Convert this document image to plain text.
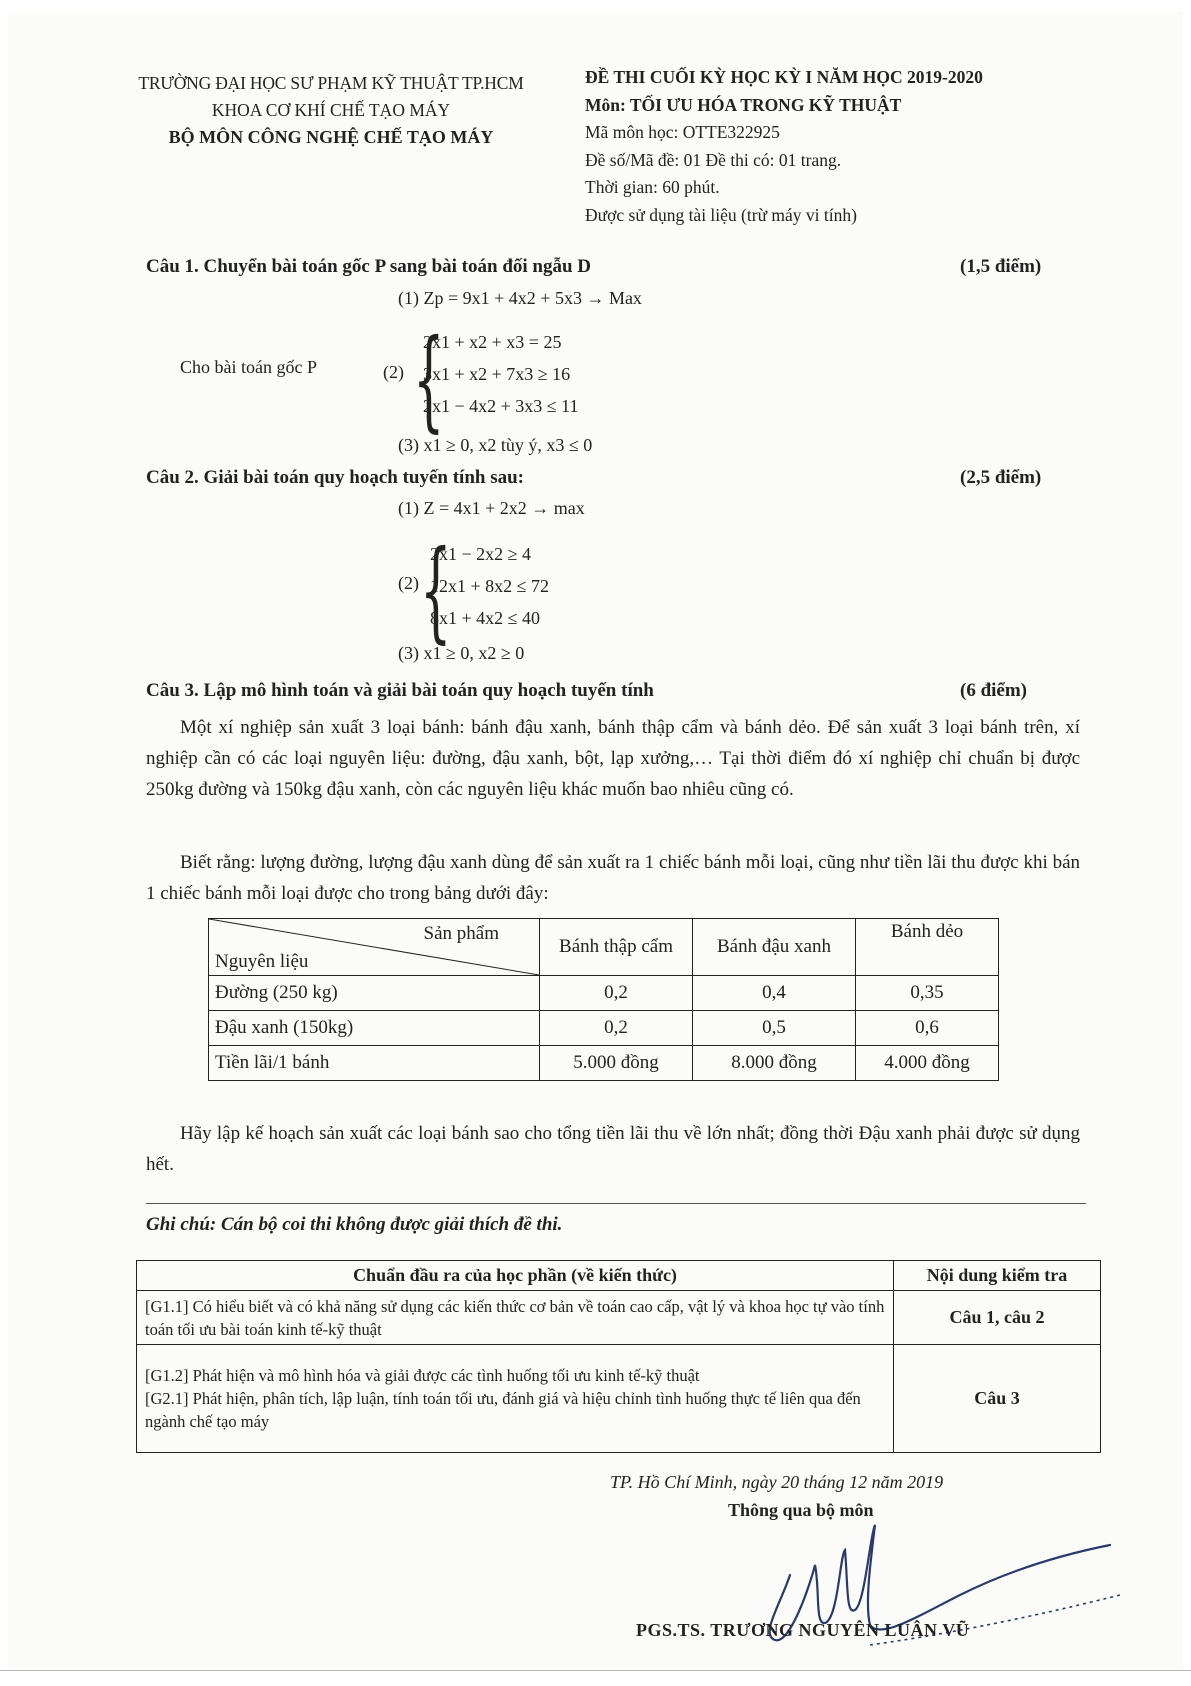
TRƯỜNG ĐẠI HỌC SƯ PHẠM KỸ THUẬT TP.HCM
KHOA CƠ KHÍ CHẾ TẠO MÁY
BỘ MÔN CÔNG NGHỆ CHẾ TẠO MÁY
ĐỀ THI CUỐI KỲ HỌC KỲ I NĂM HỌC 2019-2020
Môn: TỐI ƯU HÓA TRONG KỸ THUẬT
Mã môn học: OTTE322925
Đề số/Mã đề: 01 Đề thi có: 01 trang.
Thời gian: 60 phút.
Được sử dụng tài liệu (trừ máy vi tính)
Câu 1. Chuyển bài toán gốc P sang bài toán đối ngẫu D	(1,5 điểm)
(1) Zp = 9x1 + 4x2 + 5x3 → Max
Cho bài toán gốc P	(2) {
2x1 + x2 + x3 = 25
3x1 + x2 + 7x3 ≥ 16
2x1 − 4x2 + 3x3 ≤ 11
(3) x1 ≥ 0, x2 tùy ý, x3 ≤ 0
Câu 2. Giải bài toán quy hoạch tuyến tính sau:	(2,5 điểm)
(1) Z = 4x1 + 2x2 → max
(2) {
2x1 − 2x2 ≥ 4
12x1 + 8x2 ≤ 72
8x1 + 4x2 ≤ 40
(3) x1 ≥ 0, x2 ≥ 0
Câu 3. Lập mô hình toán và giải bài toán quy hoạch tuyến tính	(6 điểm)
Một xí nghiệp sản xuất 3 loại bánh: bánh đậu xanh, bánh thập cẩm và bánh dẻo. Để sản xuất 3 loại bánh trên, xí nghiệp cần có các loại nguyên liệu: đường, đậu xanh, bột, lạp xưởng,… Tại thời điểm đó xí nghiệp chỉ chuẩn bị được 250kg đường và 150kg đậu xanh, còn các nguyên liệu khác muốn bao nhiêu cũng có.
Biết rằng: lượng đường, lượng đậu xanh dùng để sản xuất ra 1 chiếc bánh mỗi loại, cũng như tiền lãi thu được khi bán 1 chiếc bánh mỗi loại được cho trong bảng dưới đây:
Sản phẩm
Nguyên liệu	Bánh thập cẩm	Bánh đậu xanh	Bánh dẻo
Đường (250 kg)	0,2	0,4	0,35
Đậu xanh (150kg)	0,2	0,5	0,6
Tiền lãi/1 bánh	5.000 đồng	8.000 đồng	4.000 đồng
Hãy lập kế hoạch sản xuất các loại bánh sao cho tổng tiền lãi thu về lớn nhất; đồng thời Đậu xanh phải được sử dụng hết.
Ghi chú: Cán bộ coi thi không được giải thích đề thi.
Chuẩn đầu ra của học phần (về kiến thức)	Nội dung kiểm tra
[G1.1] Có hiểu biết và có khả năng sử dụng các kiến thức cơ bản về toán cao cấp, vật lý và khoa học tự vào tính toán tối ưu bài toán kinh tế-kỹ thuật	Câu 1, câu 2

[G1.2] Phát hiện và mô hình hóa và giải được các tình huống tối ưu kinh tế-kỹ thuật
[G2.1] Phát hiện, phân tích, lập luận, tính toán tối ưu, đánh giá và hiệu chỉnh tình huống thực tế liên qua đến ngành chế tạo máy	Câu 3
TP. Hồ Chí Minh, ngày 20 tháng 12 năm 2019
Thông qua bộ môn
PGS.TS. TRƯƠNG NGUYÊN LUÂN VŨ
